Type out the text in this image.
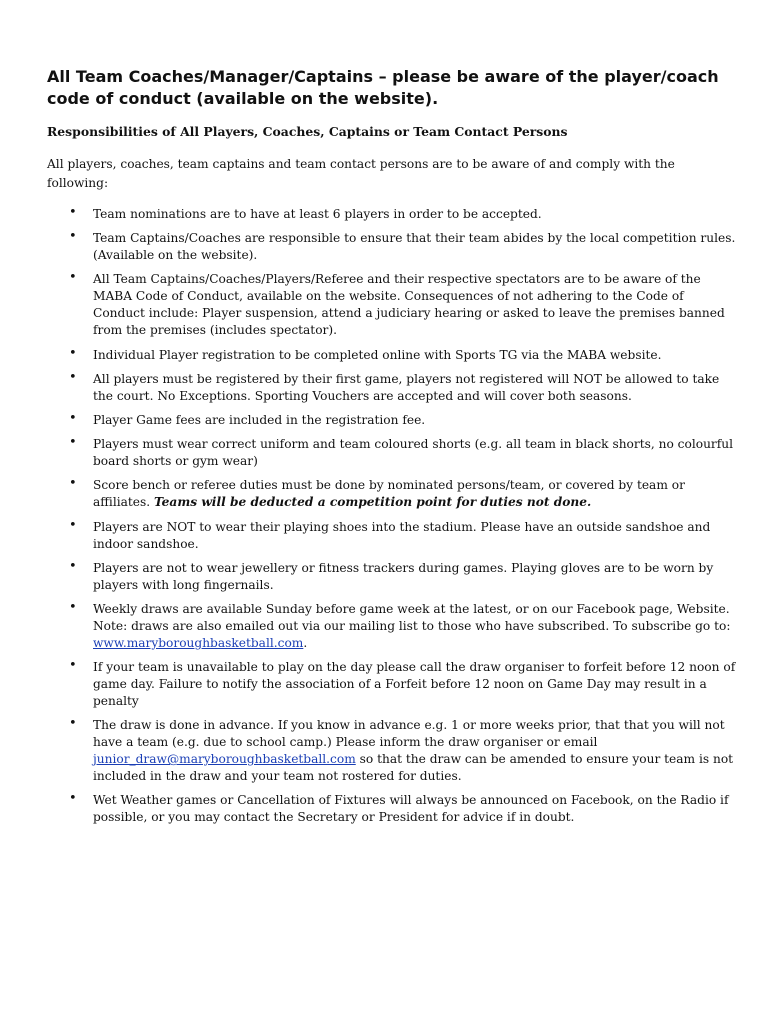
All Team Coaches/Manager/Captains – please be aware of the player/coach code of conduct (available on the website).
Responsibilities of All Players, Coaches, Captains or Team Contact Persons

All players, coaches, team captains and team contact persons are to be aware of and comply with the following:

• Team nominations are to have at least 6 players in order to be accepted.
• Team Captains/Coaches are responsible to ensure that their team abides by the local competition rules. (Available on the website).
• All Team Captains/Coaches/Players/Referee and their respective spectators are to be aware of the MABA Code of Conduct, available on the website. Consequences of not adhering to the Code of Conduct include: Player suspension, attend a judiciary hearing or asked to leave the premises banned from the premises (includes spectator).
• Individual Player registration to be completed online with Sports TG via the MABA website.
• All players must be registered by their first game, players not registered will NOT be allowed to take the court. No Exceptions. Sporting Vouchers are accepted and will cover both seasons.
• Player Game fees are included in the registration fee.
• Players must wear correct uniform and team coloured shorts (e.g. all team in black shorts, no colourful board shorts or gym wear)
• Score bench or referee duties must be done by nominated persons/team, or covered by team or affiliates. Teams will be deducted a competition point for duties not done.
• Players are NOT to wear their playing shoes into the stadium. Please have an outside sandshoe and indoor sandshoe.
• Players are not to wear jewellery or fitness trackers during games. Playing gloves are to be worn by players with long fingernails.
• Weekly draws are available Sunday before game week at the latest, or on our Facebook page, Website. Note: draws are also emailed out via our mailing list to those who have subscribed. To subscribe go to: www.maryboroughbasketball.com.
• If your team is unavailable to play on the day please call the draw organiser to forfeit before 12 noon of game day. Failure to notify the association of a Forfeit before 12 noon on Game Day may result in a penalty
• The draw is done in advance. If you know in advance e.g. 1 or more weeks prior, that that you will not have a team (e.g. due to school camp.) Please inform the draw organiser or email junior_draw@maryboroughbasketball.com so that the draw can be amended to ensure your team is not included in the draw and your team not rostered for duties.
• Wet Weather games or Cancellation of Fixtures will always be announced on Facebook, on the Radio if possible, or you may contact the Secretary or President for advice if in doubt.
